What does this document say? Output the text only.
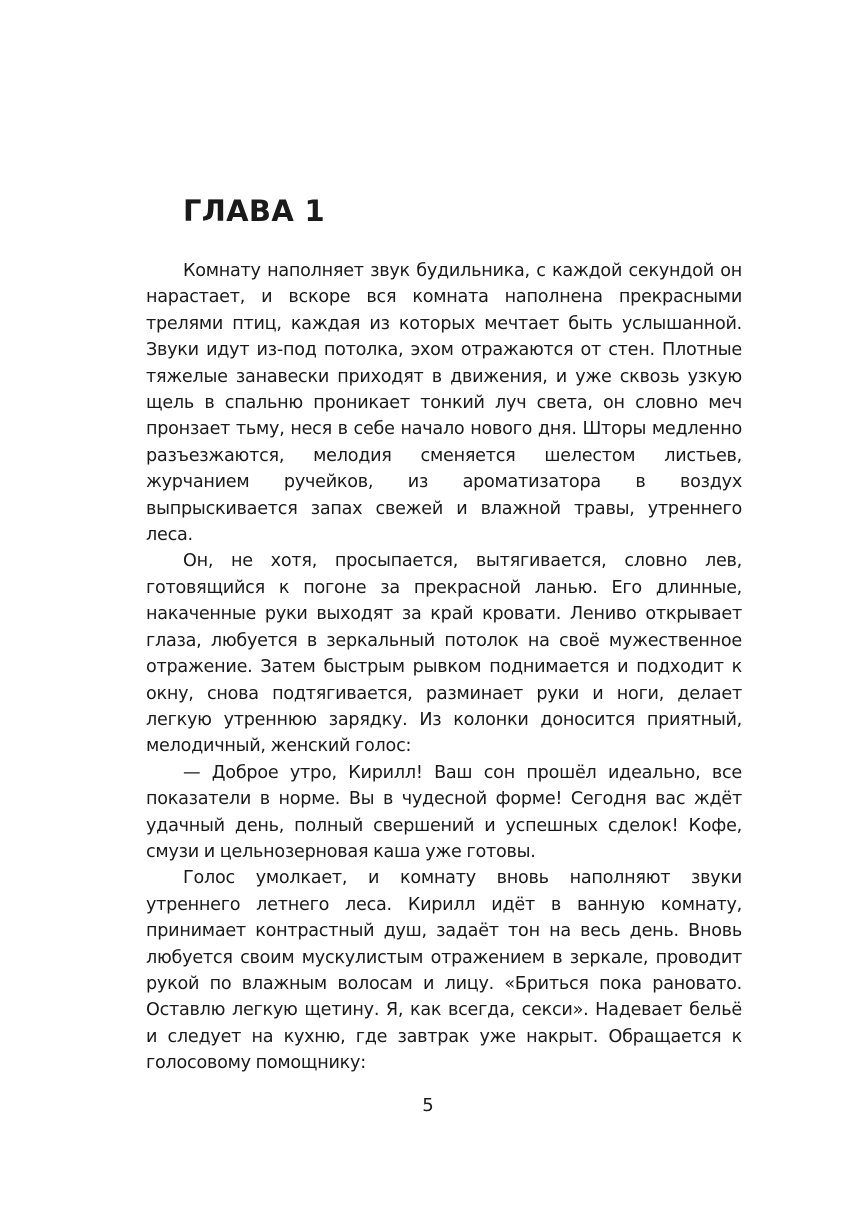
ГЛАВА 1

Комнату наполняет звук будильника, с каждой секундой он нарастает, и вскоре вся комната наполнена прекрасными трелями птиц, каждая из которых мечтает быть услышанной. Звуки идут из-под потолка, эхом отражаются от стен. Плотные тяжелые занавески приходят в движения, и уже сквозь узкую щель в спальню проникает тонкий луч света, он словно меч пронзает тьму, неся в себе начало нового дня. Шторы медленно разъезжаются, мелодия сменяется шелестом листьев, журчанием ручейков, из ароматизатора в воздух выпрыскивается запах свежей и влажной травы, утреннего леса.

Он, не хотя, просыпается, вытягивается, словно лев, готовящийся к погоне за прекрасной ланью. Его длинные, накаченные руки выходят за край кровати. Лениво открывает глаза, любуется в зеркальный потолок на своё мужественное отражение. Затем быстрым рывком поднимается и подходит к окну, снова подтягивается, разминает руки и ноги, делает легкую утреннюю зарядку. Из колонки доносится приятный, мелодичный, женский голос:

— Доброе утро, Кирилл! Ваш сон прошёл идеально, все показатели в норме. Вы в чудесной форме! Сегодня вас ждёт удачный день, полный свершений и успешных сделок! Кофе, смузи и цельнозерновая каша уже готовы.

Голос умолкает, и комнату вновь наполняют звуки утреннего летнего леса. Кирилл идёт в ванную комнату, принимает контрастный душ, задаёт тон на весь день. Вновь любуется своим мускулистым отражением в зеркале, проводит рукой по влажным волосам и лицу. «Бриться пока рановато. Оставлю легкую щетину. Я, как всегда, секси». Надевает бельё и следует на кухню, где завтрак уже накрыт. Обращается к голосовому помощнику:

5
